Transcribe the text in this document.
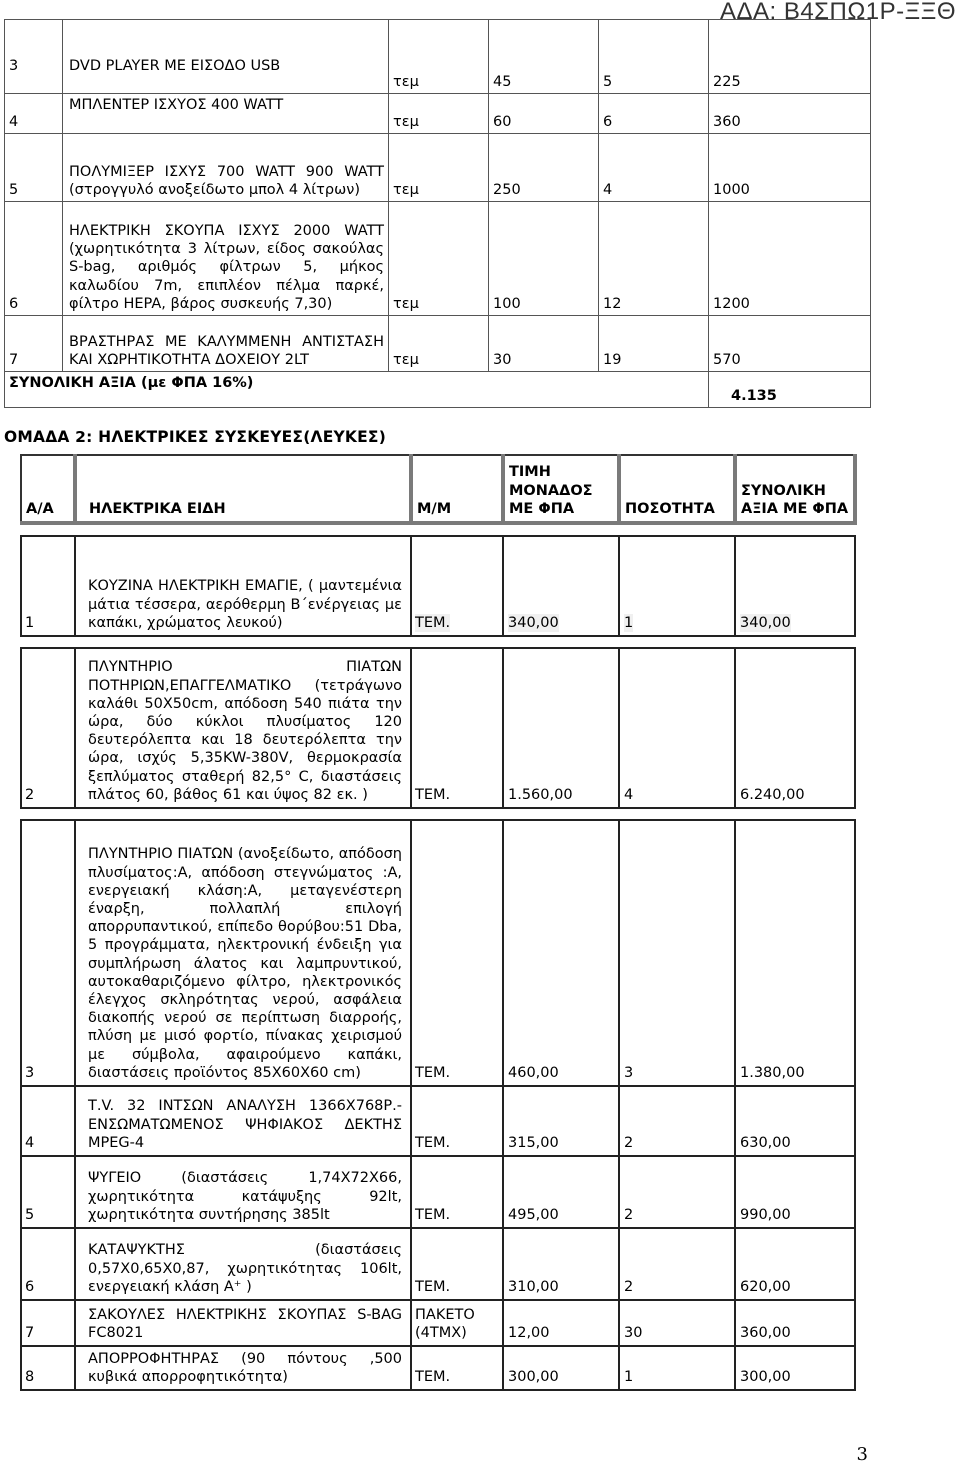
ΑΔΑ: Β4ΣΠΩ1Ρ-ΞΞΘ
3	DVD PLAYER ΜΕ ΕΙΣΟΔΟ USB	τεμ	45	5	225
4	ΜΠΛΕΝΤΕΡ ΙΣΧΥΟΣ 400 WATT	τεμ	60	6	360
5	ΠΟΛΥΜΙΞΕΡ ΙΣΧΥΣ 700 WATT 900 WATT (στρογγυλό ανοξείδωτο μπολ 4 λίτρων)	τεμ	250	4	1000
6	ΗΛΕΚΤΡΙΚΗ ΣΚΟΥΠΑ ΙΣΧΥΣ 2000 WATT (χωρητικότητα 3 λίτρων, είδος σακούλας S-bag, αριθμός φίλτρων 5, μήκος καλωδίου 7m, επιπλέον πέλμα παρκέ, φίλτρο HEPA, βάρος συσκευής 7,30)	τεμ	100	12	1200
7	ΒΡΑΣΤΗΡΑΣ ΜΕ ΚΑΛΥΜΜΕΝΗ ΑΝΤΙΣΤΑΣΗ ΚΑΙ ΧΩΡΗΤΙΚΟΤΗΤΑ ΔΟΧΕΙΟΥ 2LT	τεμ	30	19	570
ΣΥΝΟΛΙΚΗ ΑΞΙΑ (με ΦΠΑ 16%)					4.135
ΟΜΑΔΑ 2: ΗΛΕΚΤΡΙΚΕΣ ΣΥΣΚΕΥΕΣ(ΛΕΥΚΕΣ)
Α/Α	ΗΛΕΚΤΡΙΚΑ ΕΙΔΗ	Μ/Μ	ΤΙΜΗ ΜΟΝΑΔΟΣ ΜΕ ΦΠΑ	ΠΟΣΟΤΗΤΑ	ΣΥΝΟΛΙΚΗ ΑΞΙΑ ΜΕ ΦΠΑ

1	ΚΟΥΖΙΝΑ ΗΛΕΚΤΡΙΚΗ ΕΜΑΓΙΕ, ( μαντεμένια μάτια τέσσερα, αερόθερμη Β΄ενέργειας με καπάκι, χρώματος λευκού)	ΤΕΜ.	340,00	1	340,00

2	ΠΛΥΝΤΗΡΙΟ ΠΙΑΤΩΝ ΠΟΤΗΡΙΩΝ,ΕΠΑΓΓΕΛΜΑΤΙΚΟ (τετράγωνο καλάθι 50Χ50cm, απόδοση 540 πιάτα την ώρα, δύο κύκλοι πλυσίματος 120 δευτερόλεπτα και 18 δευτερόλεπτα την ώρα, ισχύς 5,35KW-380V, θερμοκρασία ξεπλύματος σταθερή 82,5° C, διαστάσεις πλάτος 60, βάθος 61 και ύψος 82 εκ. )	ΤΕΜ.	1.560,00	4	6.240,00

3	ΠΛΥΝΤΗΡΙΟ ΠΙΑΤΩΝ (ανοξείδωτο, απόδοση πλυσίματος:Α, απόδοση στεγνώματος :Α, ενεργειακή κλάση:Α, μεταγενέστερη έναρξη, πολλαπλή επιλογή απορρυπαντικού, επίπεδο θορύβου:51 Dba, 5 προγράμματα, ηλεκτρονική ένδειξη για συμπλήρωση άλατος και λαμπρυντικού, αυτοκαθαριζόμενο φίλτρο, ηλεκτρονικός έλεγχος σκληρότητας νερού, ασφάλεια διακοπής νερού σε περίπτωση διαρροής, πλύση με μισό φορτίο, πίνακας χειρισμού με σύμβολα, αφαιρούμενο καπάκι, διαστάσεις προϊόντος 85Χ60Χ60 cm)	ΤΕΜ.	460,00	3	1.380,00
4	Τ.V. 32 ΙΝΤΣΩΝ ΑΝΑΛΥΣΗ 1366Χ768Ρ.- ΕΝΣΩΜΑΤΩΜΕΝΟΣ ΨΗΦΙΑΚΟΣ ΔΕΚΤΗΣ MPEG-4	ΤΕΜ.	315,00	2	630,00
5	ΨΥΓΕΙΟ (διαστάσεις 1,74Χ72Χ66, χωρητικότητα κατάψυξης 92lt, χωρητικότητα συντήρησης 385lt	ΤΕΜ.	495,00	2	990,00
6	ΚΑΤΑΨΥΚΤΗΣ (διαστάσεις 0,57Χ0,65Χ0,87, χωρητικότητας 106lt, ενεργειακή κλάση Α⁺ )	ΤΕΜ.	310,00	2	620,00
7	ΣΑΚΟΥΛΕΣ ΗΛΕΚΤΡΙΚΗΣ ΣΚΟΥΠΑΣ S-BAG FC8021	ΠΑΚΕΤΟ (4ΤΜΧ)	12,00	30	360,00
8	ΑΠΟΡΡΟΦΗΤΗΡΑΣ (90 πόντους ,500 κυβικά απορροφητικότητα)	ΤΕΜ.	300,00	1	300,00
3
